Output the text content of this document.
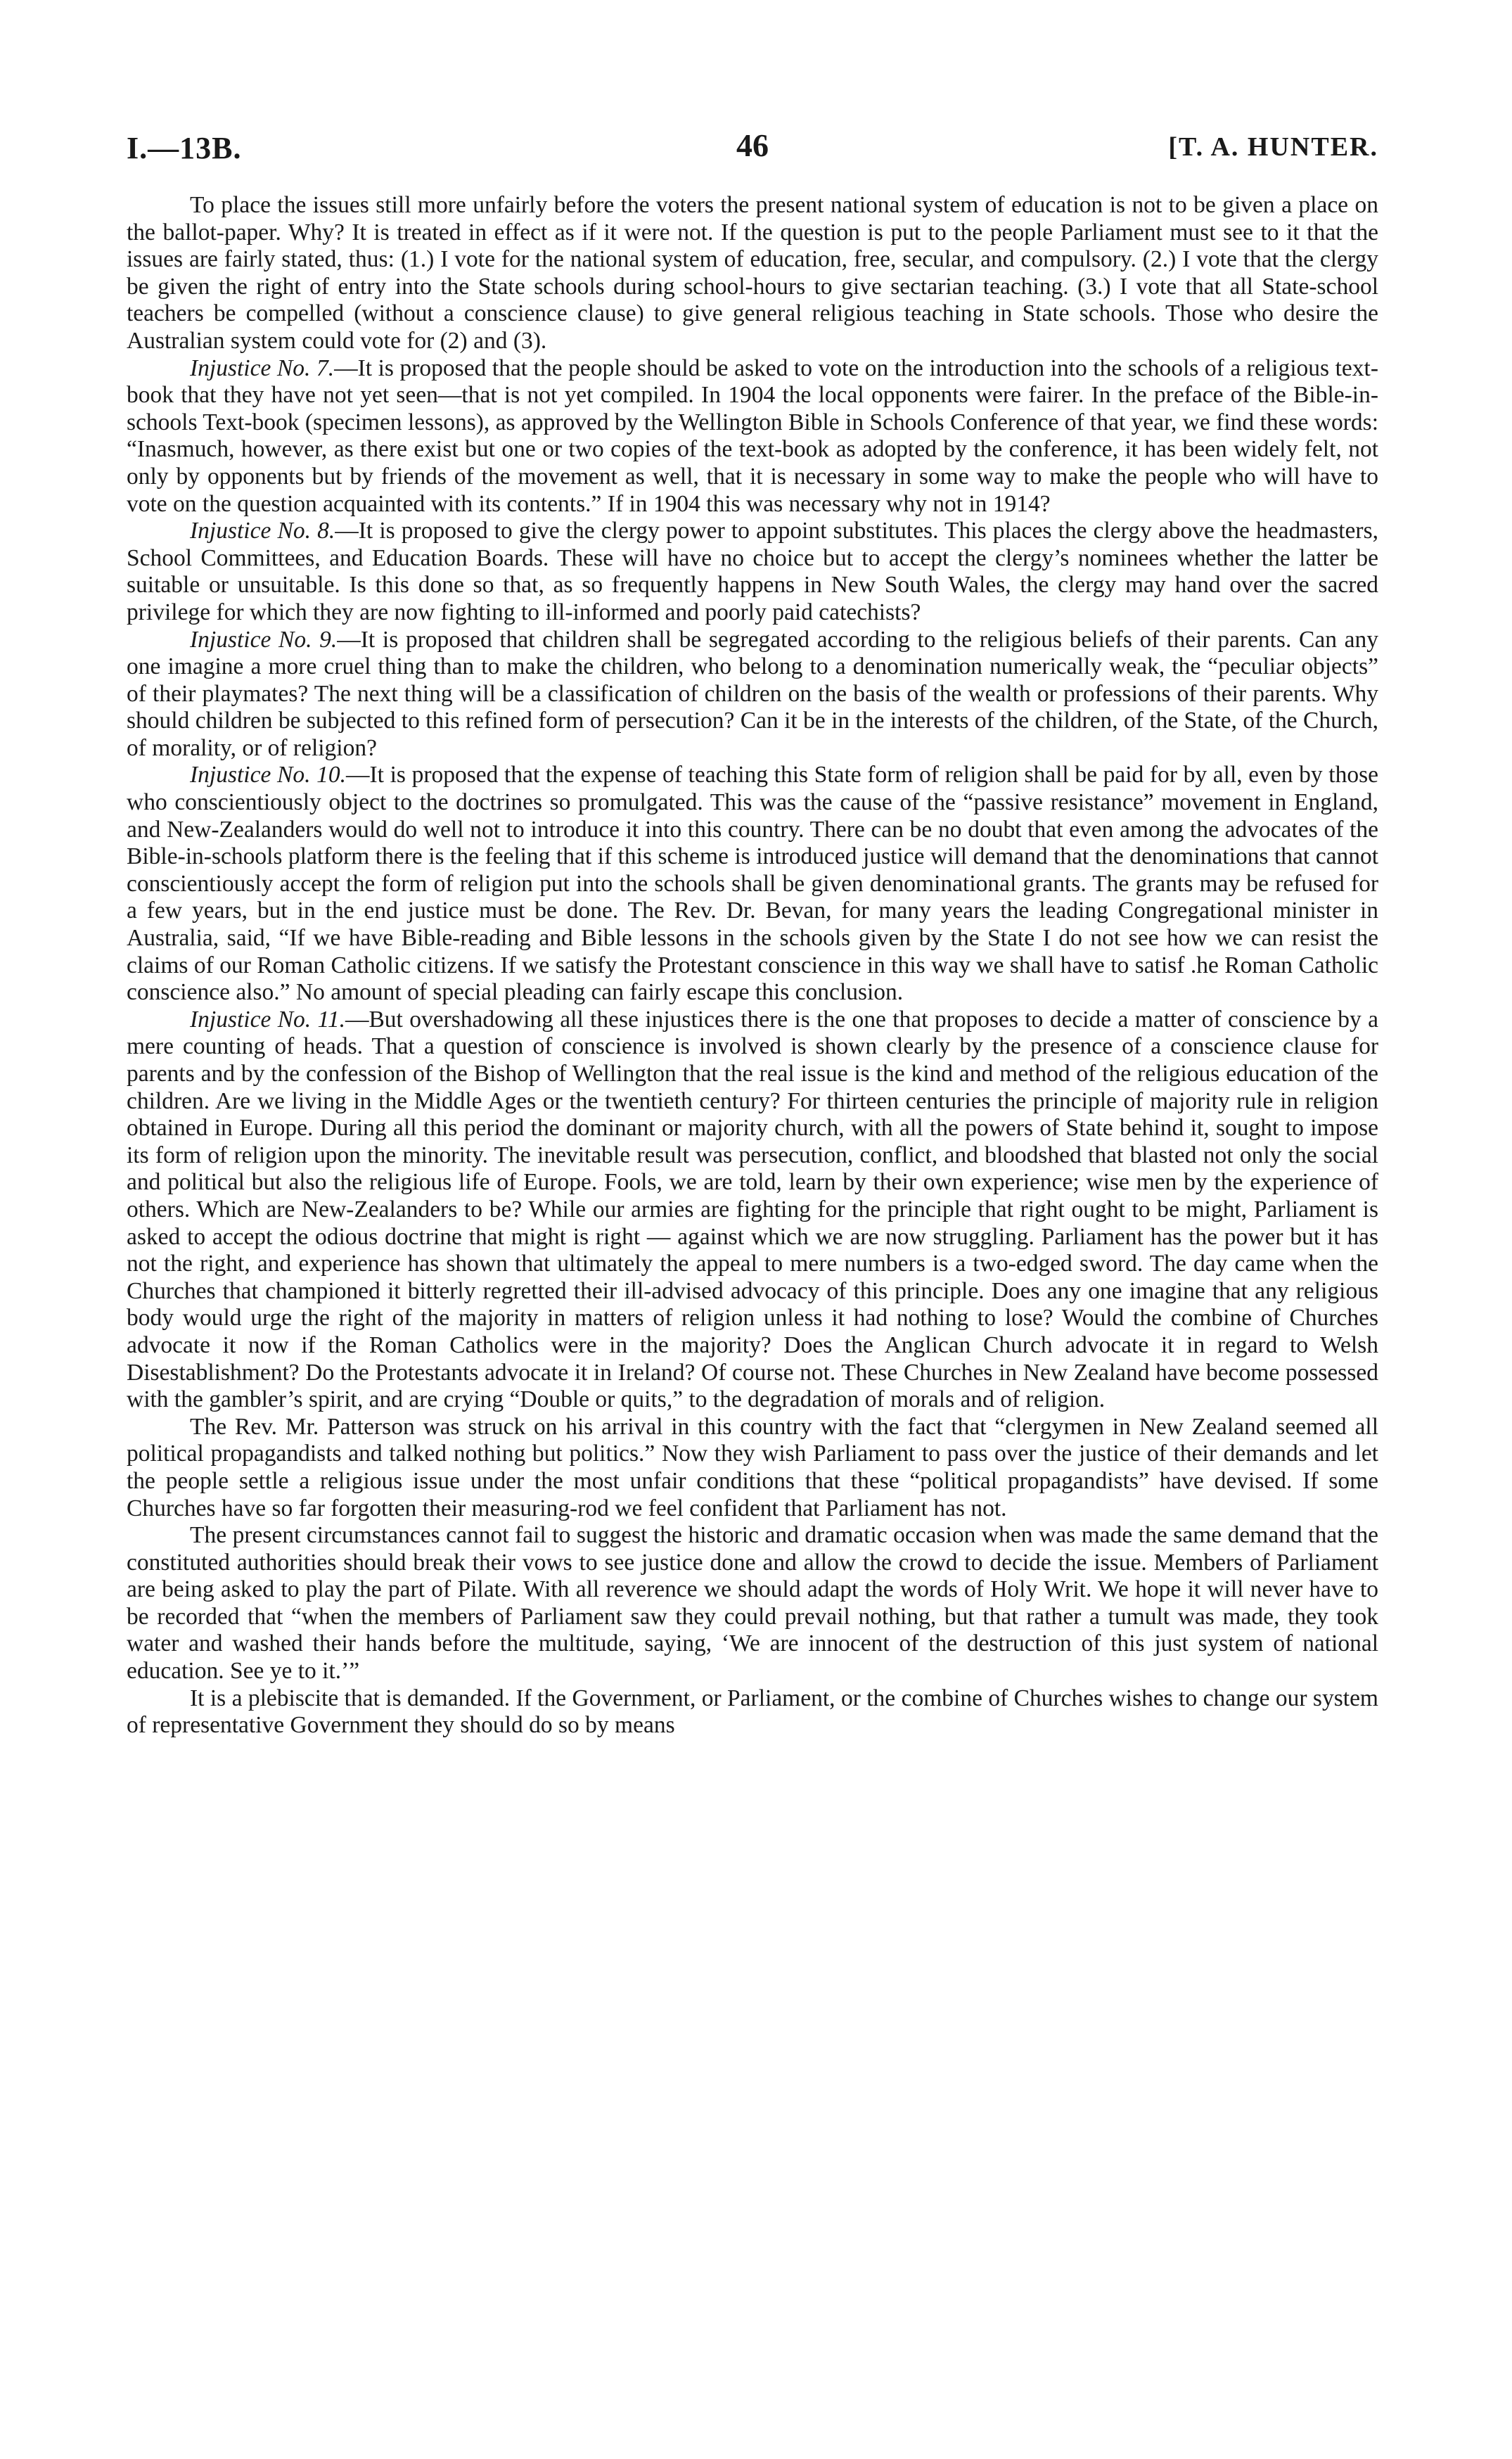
I.—13B.	46	[T. A. HUNTER.

To place the issues still more unfairly before the voters the present national system of education is not to be given a place on the ballot-paper. Why? It is treated in effect as if it were not. If the question is put to the people Parliament must see to it that the issues are fairly stated, thus: (1.) I vote for the national system of education, free, secular, and compulsory. (2.) I vote that the clergy be given the right of entry into the State schools during school-hours to give sectarian teaching. (3.) I vote that all State-school teachers be compelled (without a conscience clause) to give general religious teaching in State schools. Those who desire the Australian system could vote for (2) and (3).

Injustice No. 7.—It is proposed that the people should be asked to vote on the introduction into the schools of a religious text-book that they have not yet seen—that is not yet compiled. In 1904 the local opponents were fairer. In the preface of the Bible-in-schools Text-book (specimen lessons), as approved by the Wellington Bible in Schools Conference of that year, we find these words: “Inasmuch, however, as there exist but one or two copies of the text-book as adopted by the conference, it has been widely felt, not only by opponents but by friends of the movement as well, that it is necessary in some way to make the people who will have to vote on the question acquainted with its contents.” If in 1904 this was necessary why not in 1914?

Injustice No. 8.—It is proposed to give the clergy power to appoint substitutes. This places the clergy above the headmasters, School Committees, and Education Boards. These will have no choice but to accept the clergy’s nominees whether the latter be suitable or unsuitable. Is this done so that, as so frequently happens in New South Wales, the clergy may hand over the sacred privilege for which they are now fighting to ill-informed and poorly paid catechists?

Injustice No. 9.—It is proposed that children shall be segregated according to the religious beliefs of their parents. Can any one imagine a more cruel thing than to make the children, who belong to a denomination numerically weak, the “peculiar objects” of their playmates? The next thing will be a classification of children on the basis of the wealth or professions of their parents. Why should children be subjected to this refined form of persecution? Can it be in the interests of the children, of the State, of the Church, of morality, or of religion?

Injustice No. 10.—It is proposed that the expense of teaching this State form of religion shall be paid for by all, even by those who conscientiously object to the doctrines so promulgated. This was the cause of the “passive resistance” movement in England, and New-Zealanders would do well not to introduce it into this country. There can be no doubt that even among the advocates of the Bible-in-schools platform there is the feeling that if this scheme is introduced justice will demand that the denominations that cannot conscientiously accept the form of religion put into the schools shall be given denominational grants. The grants may be refused for a few years, but in the end justice must be done. The Rev. Dr. Bevan, for many years the leading Congregational minister in Australia, said, “If we have Bible-reading and Bible lessons in the schools given by the State I do not see how we can resist the claims of our Roman Catholic citizens. If we satisfy the Protestant conscience in this way we shall have to satisf .he Roman Catholic conscience also.” No amount of special pleading can fairly escape this conclusion.

Injustice No. 11.—But overshadowing all these injustices there is the one that proposes to decide a matter of conscience by a mere counting of heads. That a question of conscience is involved is shown clearly by the presence of a conscience clause for parents and by the confession of the Bishop of Wellington that the real issue is the kind and method of the religious education of the children. Are we living in the Middle Ages or the twentieth century? For thirteen centuries the principle of majority rule in religion obtained in Europe. During all this period the dominant or majority church, with all the powers of State behind it, sought to impose its form of religion upon the minority. The inevitable result was persecution, conflict, and bloodshed that blasted not only the social and political but also the religious life of Europe. Fools, we are told, learn by their own experience; wise men by the experience of others. Which are New-Zealanders to be? While our armies are fighting for the principle that right ought to be might, Parliament is asked to accept the odious doctrine that might is right — against which we are now struggling. Parliament has the power but it has not the right, and experience has shown that ultimately the appeal to mere numbers is a two-edged sword. The day came when the Churches that championed it bitterly regretted their ill-advised advocacy of this principle. Does any one imagine that any religious body would urge the right of the majority in matters of religion unless it had nothing to lose? Would the combine of Churches advocate it now if the Roman Catholics were in the majority? Does the Anglican Church advocate it in regard to Welsh Disestablishment? Do the Protestants advocate it in Ireland? Of course not. These Churches in New Zealand have become possessed with the gambler’s spirit, and are crying “Double or quits,” to the degradation of morals and of religion.

The Rev. Mr. Patterson was struck on his arrival in this country with the fact that “clergymen in New Zealand seemed all political propagandists and talked nothing but politics.” Now they wish Parliament to pass over the justice of their demands and let the people settle a religious issue under the most unfair conditions that these “political propagandists” have devised. If some Churches have so far forgotten their measuring-rod we feel confident that Parliament has not.

The present circumstances cannot fail to suggest the historic and dramatic occasion when was made the same demand that the constituted authorities should break their vows to see justice done and allow the crowd to decide the issue. Members of Parliament are being asked to play the part of Pilate. With all reverence we should adapt the words of Holy Writ. We hope it will never have to be recorded that “when the members of Parliament saw they could prevail nothing, but that rather a tumult was made, they took water and washed their hands before the multitude, saying, ‘We are innocent of the destruction of this just system of national education. See ye to it.’”

It is a plebiscite that is demanded. If the Government, or Parliament, or the combine of Churches wishes to change our system of representative Government they should do so by means
